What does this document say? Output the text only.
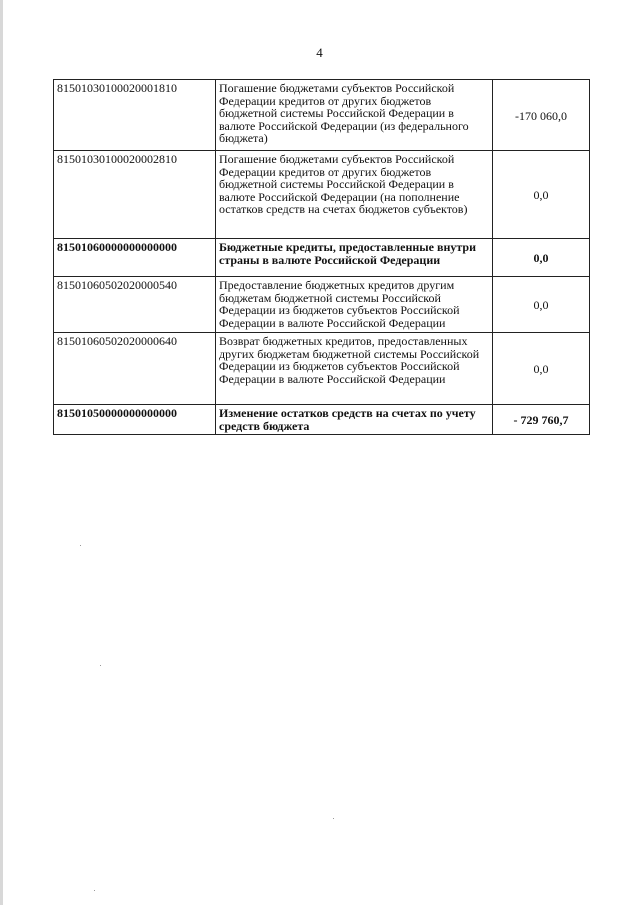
4
81501030100020001810	Погашение бюджетами субъектов Российской Федерации кредитов от других бюджетов бюджетной системы Российской Федерации в валюте Российской Федерации (из федерального бюджета)	-170 060,0
81501030100020002810	Погашение бюджетами субъектов Российской Федерации кредитов от других бюджетов бюджетной системы Российской Федерации в валюте Российской Федерации (на пополнение остатков средств на счетах бюджетов субъектов)	0,0
81501060000000000000	Бюджетные кредиты, предоставленные внутри страны в валюте Российской Федерации	0,0
81501060502020000540	Предоставление бюджетных кредитов другим бюджетам бюджетной системы Российской Федерации из бюджетов субъектов Российской Федерации в валюте Российской Федерации	0,0
81501060502020000640	Возврат бюджетных кредитов, предоставленных других бюджетам бюджетной системы Российской Федерации из бюджетов субъектов Российской Федерации в валюте Российской Федерации	0,0
81501050000000000000	Изменение остатков средств на счетах по учету средств бюджета	- 729 760,7
